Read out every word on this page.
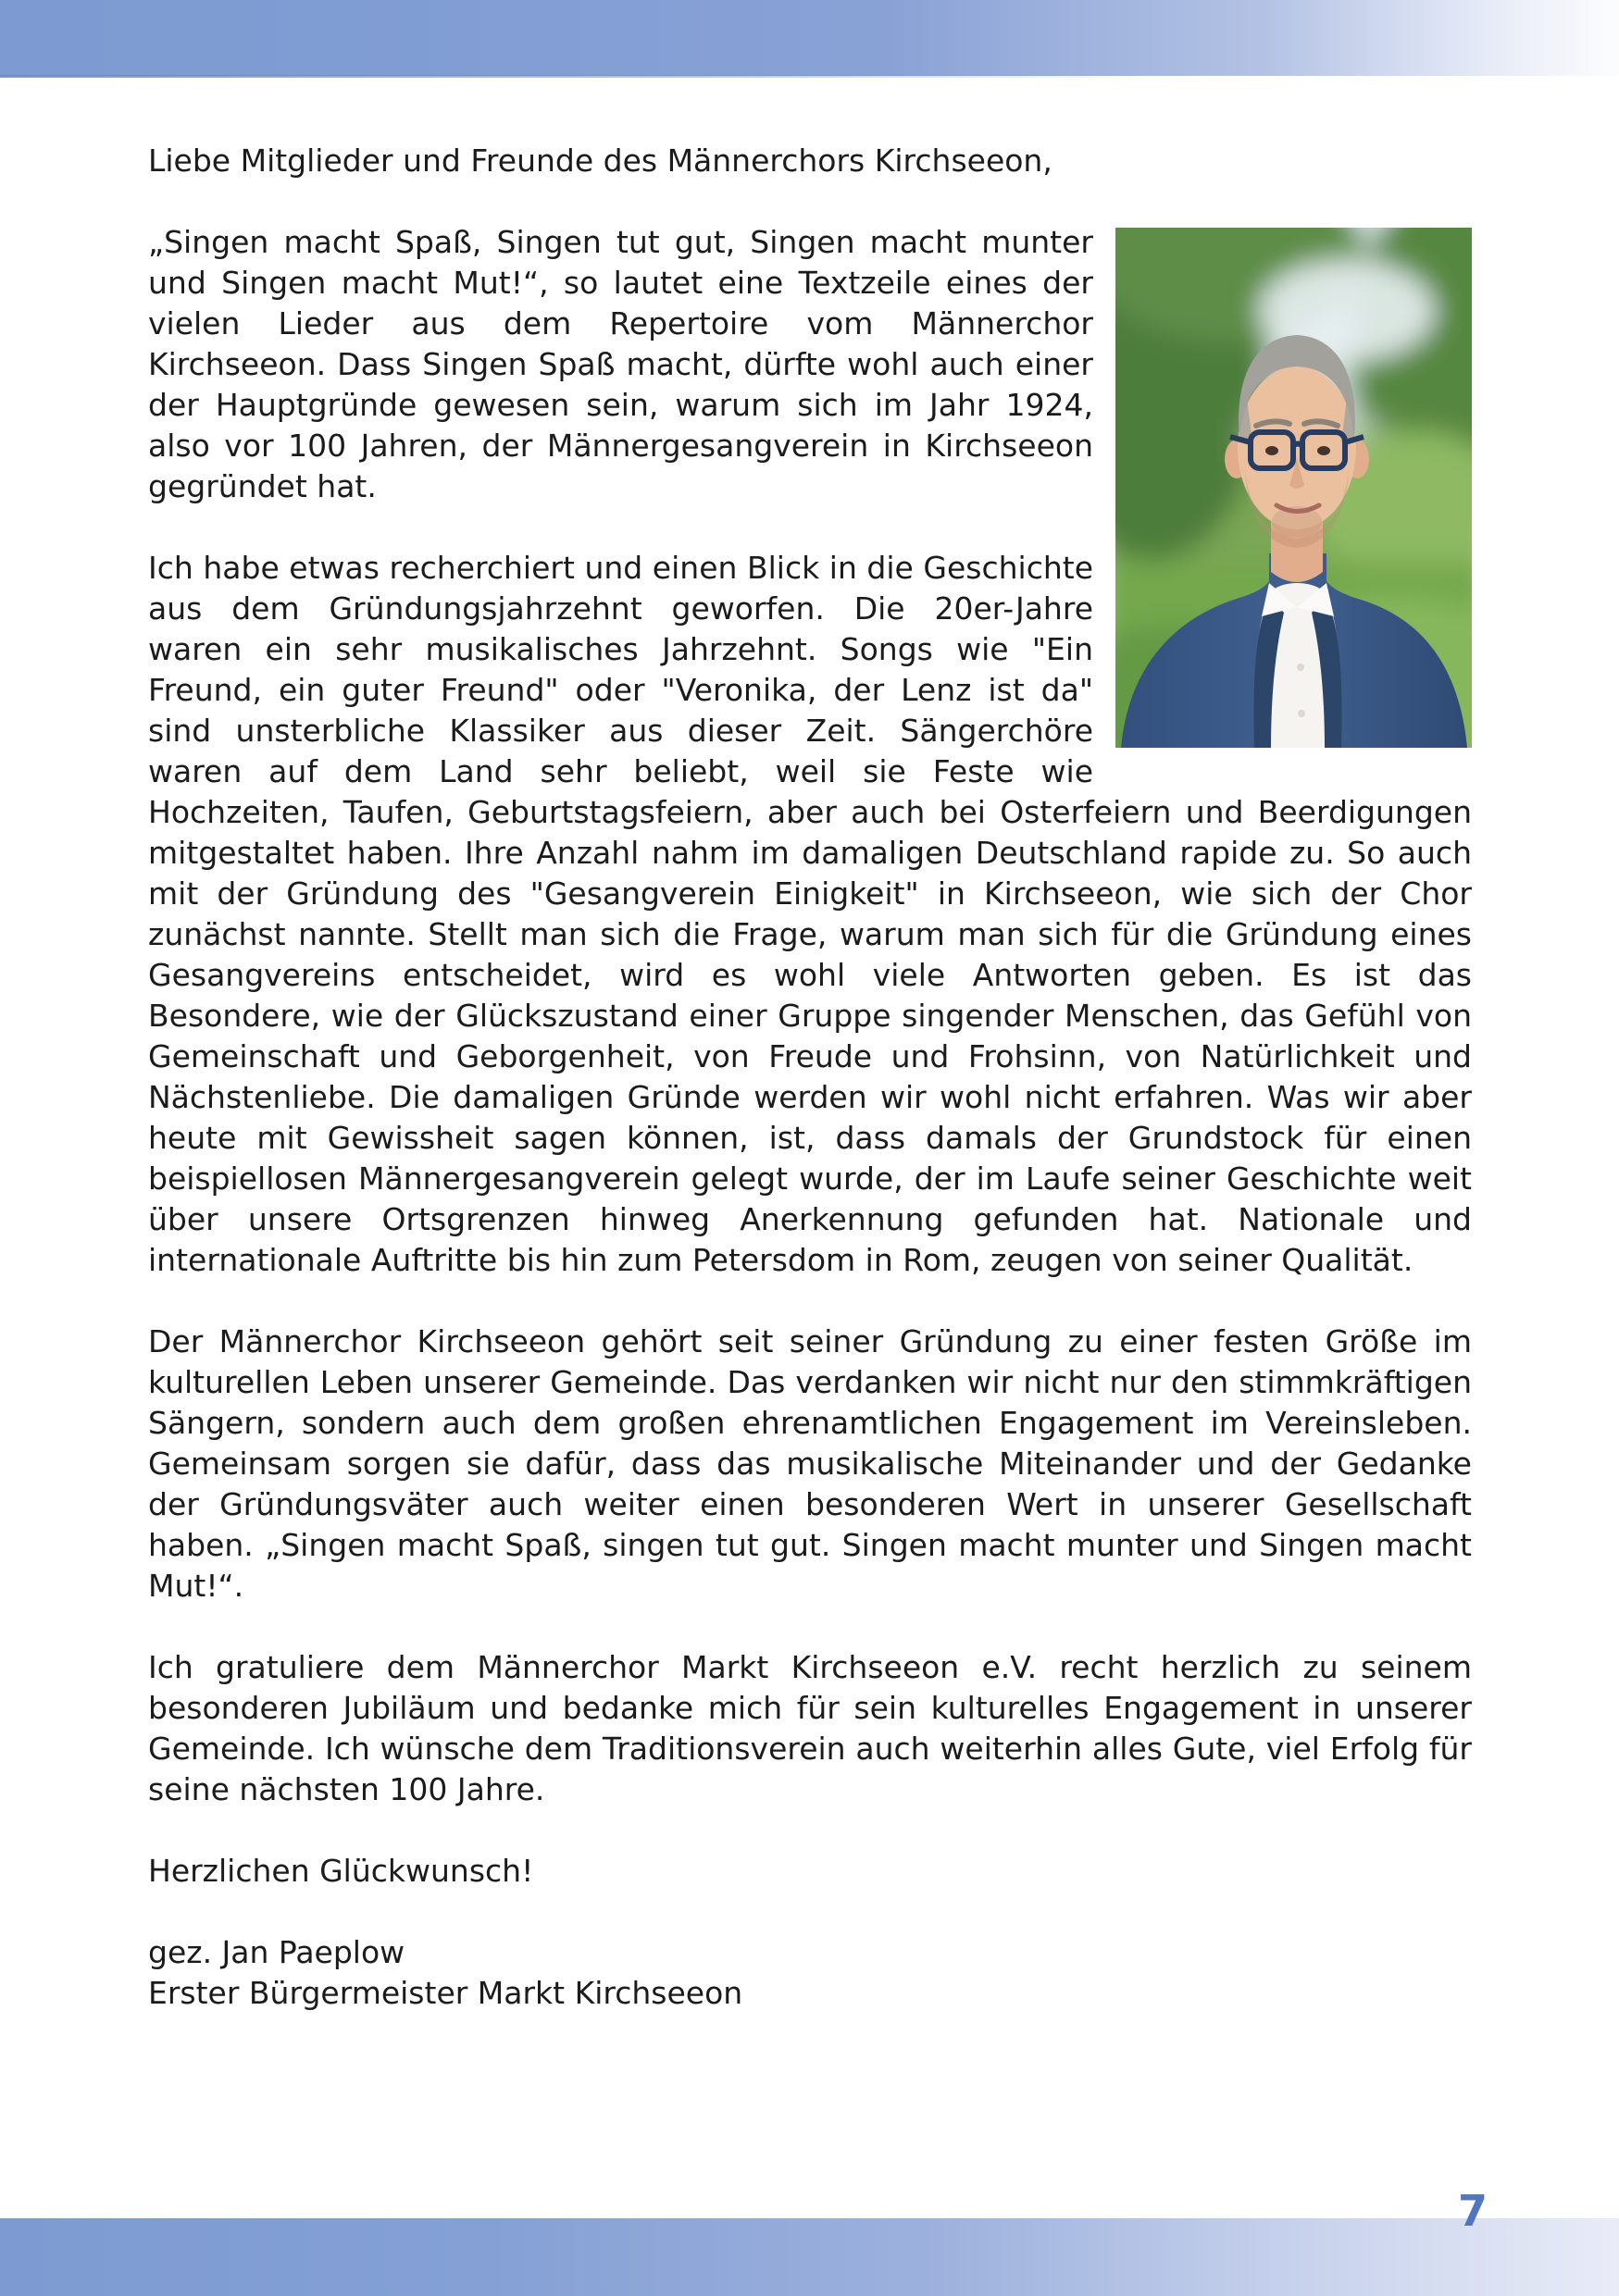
Liebe Mitglieder und Freunde des Männerchors Kirchseeon,

„Singen macht Spaß, Singen tut gut, Singen macht munter und Singen macht Mut!“, so lautet eine Textzeile eines der vielen Lieder aus dem Repertoire vom Männerchor Kirchseeon. Dass Singen Spaß macht, dürfte wohl auch einer der Hauptgründe gewesen sein, warum sich im Jahr 1924, also vor 100 Jahren, der Männergesangverein in Kirchseeon gegründet hat.

Ich habe etwas recherchiert und einen Blick in die Geschichte aus dem Gründungsjahrzehnt geworfen. Die 20er-Jahre waren ein sehr musikalisches Jahrzehnt. Songs wie "Ein Freund, ein guter Freund" oder "Veronika, der Lenz ist da" sind unsterbliche Klassiker aus dieser Zeit. Sängerchöre waren auf dem Land sehr beliebt, weil sie Feste wie Hochzeiten, Taufen, Geburtstagsfeiern, aber auch bei Osterfeiern und Beerdigungen mitgestaltet haben. Ihre Anzahl nahm im damaligen Deutschland rapide zu. So auch mit der Gründung des "Gesangverein Einigkeit" in Kirchseeon, wie sich der Chor zunächst nannte. Stellt man sich die Frage, warum man sich für die Gründung eines Gesangvereins entscheidet, wird es wohl viele Antworten geben. Es ist das Besondere, wie der Glückszustand einer Gruppe singender Menschen, das Gefühl von Gemeinschaft und Geborgenheit, von Freude und Frohsinn, von Natürlichkeit und Nächstenliebe. Die damaligen Gründe werden wir wohl nicht erfahren. Was wir aber heute mit Gewissheit sagen können, ist, dass damals der Grundstock für einen beispiellosen Männergesangverein gelegt wurde, der im Laufe seiner Geschichte weit über unsere Ortsgrenzen hinweg Anerkennung gefunden hat. Nationale und internationale Auftritte bis hin zum Petersdom in Rom, zeugen von seiner Qualität.

Der Männerchor Kirchseeon gehört seit seiner Gründung zu einer festen Größe im kulturellen Leben unserer Gemeinde. Das verdanken wir nicht nur den stimmkräftigen Sängern, sondern auch dem großen ehrenamtlichen Engagement im Vereinsleben. Gemeinsam sorgen sie dafür, dass das musikalische Miteinander und der Gedanke der Gründungsväter auch weiter einen besonderen Wert in unserer Gesellschaft haben. „Singen macht Spaß, singen tut gut. Singen macht munter und Singen macht Mut!“.

Ich gratuliere dem Männerchor Markt Kirchseeon e.V. recht herzlich zu seinem besonderen Jubiläum und bedanke mich für sein kulturelles Engagement in unserer Gemeinde. Ich wünsche dem Traditionsverein auch weiterhin alles Gute, viel Erfolg für seine nächsten 100 Jahre.

Herzlichen Glückwunsch!
gez. Jan Paeplow
Erster Bürgermeister Markt Kirchseeon
7
